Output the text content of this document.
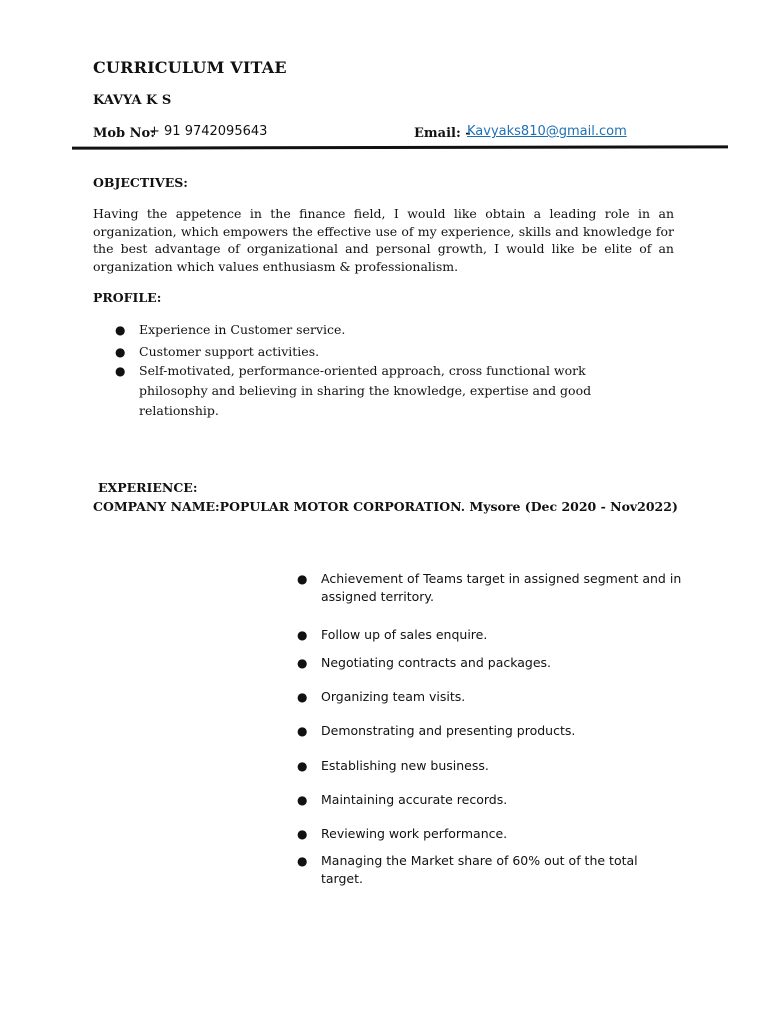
CURRICULUM VITAE
KAVYA K S
Mob No:
+ 91 9742095643	Email: -
Kavyaks810@gmail.com
OBJECTIVES:

Having the appetence in the finance field, I would like obtain a leading role in an organization, which empowers the effective use of my experience, skills and knowledge for the best advantage of organizational and personal growth, I would like be elite of an organization which values enthusiasm & professionalism.

PROFILE:
● Experience in Customer service.
● Customer support activities.
● Self-motivated, performance-oriented approach, cross functional work philosophy and believing in sharing the knowledge, expertise and good relationship.
EXPERIENCE:
COMPANY NAME:POPULAR MOTOR CORPORATION. Mysore (Dec 2020 - Nov2022)
● Achievement of Teams target in assigned segment and in assigned territory.
● Follow up of sales enquire.
● Negotiating contracts and packages.
● Organizing team visits.
● Demonstrating and presenting products.
● Establishing new business.
● Maintaining accurate records.
● Reviewing work performance.
● Managing the Market share of 60% out of the total target.
